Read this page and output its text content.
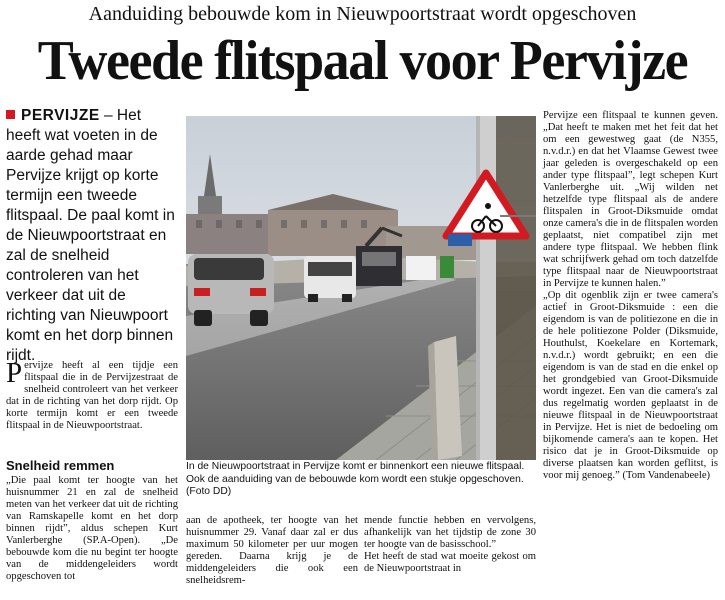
Aanduiding bebouwde kom in Nieuwpoortstraat wordt opgeschoven
Tweede flitspaal voor Pervijze
PERVIJZE – Het heeft wat voeten in de aarde gehad maar Pervijze krijgt op korte termijn een tweede flitspaal. De paal komt in de Nieuwpoortstraat en zal de snelheid controleren van het verkeer dat uit de richting van Nieuwpoort komt en het dorp binnen rijdt.
Pervijze heeft al een tijdje een flitspaal die in de Pervijzestraat de snelheid controleert van het verkeer dat in de richting van het dorp rijdt. Op korte termijn komt er een tweede flitspaal in de Nieuwpoortstraat.
Snelheid remmen

„Die paal komt ter hoogte van het huisnummer 21 en zal de snelheid meten van het verkeer dat uit de richting van Ramskapelle komt en het dorp binnen rijdt”, aldus schepen Kurt Vanlerberghe (SP.A-Open). „De bebouwde kom die nu begint ter hoogte van de middengeleiders wordt opgeschoven tot

In de Nieuwpoortstraat in Pervijze komt er binnenkort een nieuwe flitspaal. Ook de aanduiding van de bebouwde kom wordt een stukje opgeschoven. (Foto DD)

aan de apotheek, ter hoogte van het huisnummer 29. Vanaf daar zal er dus maximum 50 kilometer per uur mogen gereden. Daarna krijg je de middengeleiders die ook een snelheidsrem-

mende functie hebben en vervolgens, afhankelijk van het tijdstip de zone 30 ter hoogte van de basisschool.”

Het heeft de stad wat moeite gekost om de Nieuwpoortstraat in

Pervijze een flitspaal te kunnen geven. „Dat heeft te maken met het feit dat het om een gewestweg gaat (de N355, n.v.d.r.) en dat het Vlaamse Gewest twee jaar geleden is overgeschakeld op een ander type flitspaal”, legt schepen Kurt Vanlerberghe uit. „Wij wilden net hetzelfde type flitspaal als de andere flitspalen in Groot-Diksmuide omdat onze camera's die in de flitspalen worden geplaatst, niet compatibel zijn met andere type flitspaal. We hebben flink wat schrijfwerk gehad om toch datzelfde type flitspaal naar de Nieuwpoortstraat in Pervijze te kunnen halen.”

„Op dit ogenblik zijn er twee camera's actief in Groot-Diksmuide : een die eigendom is van de politiezone en die in de hele politiezone Polder (Diksmuide, Houthulst, Koekelare en Kortemark, n.v.d.r.) wordt gebruikt; en een die eigendom is van de stad en die enkel op het grondgebied van Groot-Diksmuide wordt ingezet. Een van die camera's zal dus regelmatig worden geplaatst in de nieuwe flitspaal in de Nieuwpoortstraat in Pervijze. Het is niet de bedoeling om bijkomende camera's aan te kopen. Het risico dat je in Groot-Diksmuide op diverse plaatsen kan worden geflitst, is voor mij genoeg.” (Tom Vandenabeele)
